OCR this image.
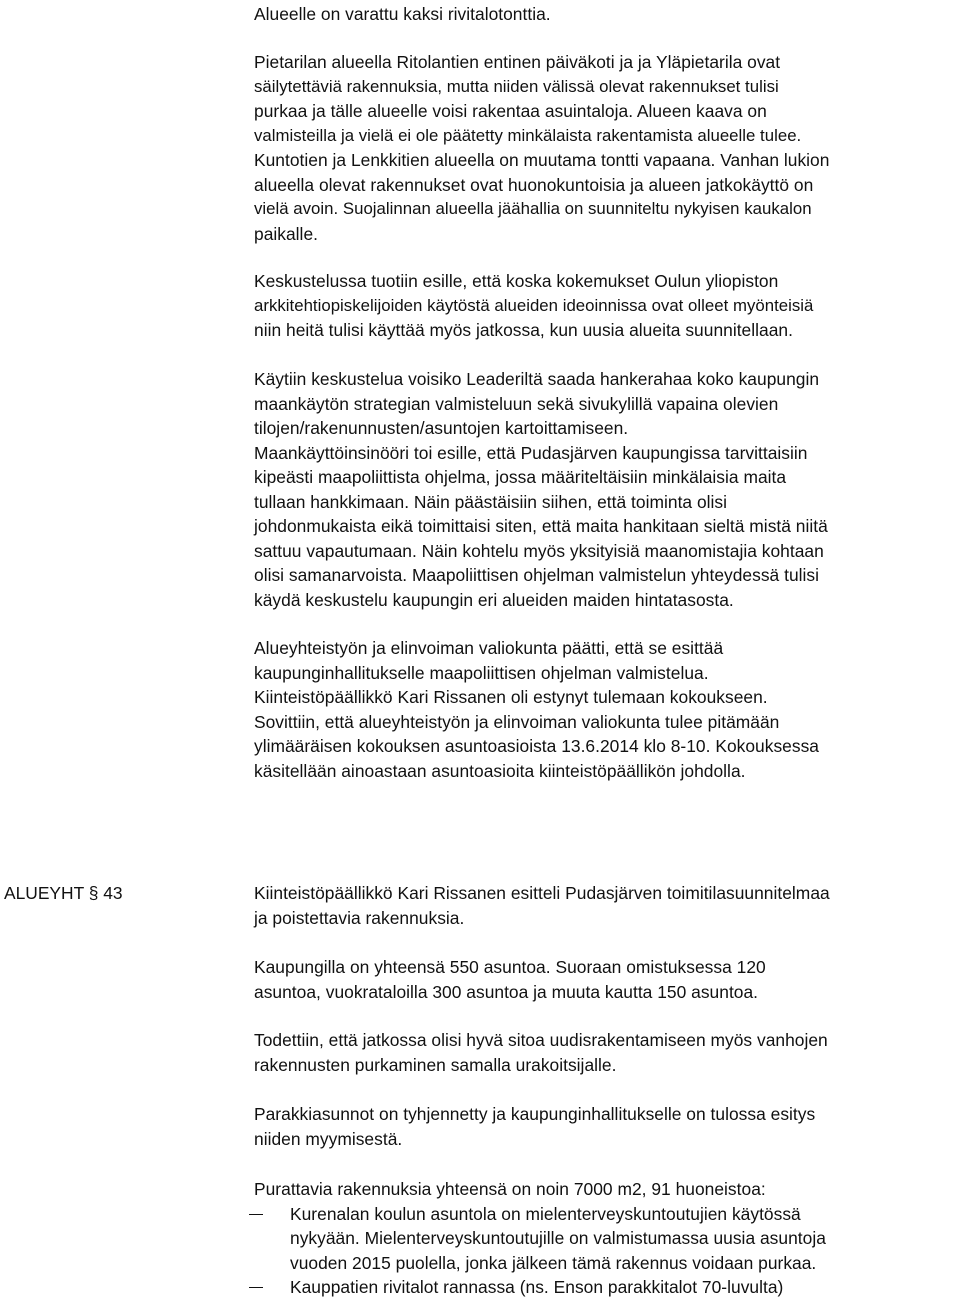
Alueelle on varattu kaksi rivitalotonttia.
Pietarilan alueella Ritolantien entinen päiväkoti ja ja Yläpietarila ovat
säilytettäviä rakennuksia, mutta niiden välissä olevat rakennukset tulisi
purkaa ja tälle alueelle voisi rakentaa asuintaloja. Alueen kaava on
valmisteilla ja vielä ei ole päätetty minkälaista rakentamista alueelle tulee.
Kuntotien ja Lenkkitien alueella on muutama tontti vapaana. Vanhan lukion
alueella olevat rakennukset ovat huonokuntoisia ja alueen jatkokäyttö on
vielä avoin. Suojalinnan alueella jäähallia on suunniteltu nykyisen kaukalon
paikalle.
Keskustelussa tuotiin esille, että koska kokemukset Oulun yliopiston
arkkitehtiopiskelijoiden käytöstä alueiden ideoinnissa ovat olleet myönteisiä
niin heitä tulisi käyttää myös jatkossa, kun uusia alueita suunnitellaan.
Käytiin keskustelua voisiko Leaderiltä saada hankerahaa koko kaupungin
maankäytön strategian valmisteluun sekä sivukylillä vapaina olevien
tilojen/rakenunnusten/asuntojen kartoittamiseen.
Maankäyttöinsinööri toi esille, että Pudasjärven kaupungissa tarvittaisiin
kipeästi maapoliittista ohjelma, jossa määriteltäisiin minkälaisia maita
tullaan hankkimaan. Näin päästäisiin siihen, että toiminta olisi
johdonmukaista eikä toimittaisi siten, että maita hankitaan sieltä mistä niitä
sattuu vapautumaan. Näin kohtelu myös yksityisiä maanomistajia kohtaan
olisi samanarvoista. Maapoliittisen ohjelman valmistelun yhteydessä tulisi
käydä keskustelu kaupungin eri alueiden maiden hintatasosta.
Alueyhteistyön ja elinvoiman valiokunta päätti, että se esittää
kaupunginhallitukselle maapoliittisen ohjelman valmistelua.
Kiinteistöpäällikkö Kari Rissanen oli estynyt tulemaan kokoukseen.
Sovittiin, että alueyhteistyön ja elinvoiman valiokunta tulee pitämään
ylimääräisen kokouksen asuntoasioista 13.6.2014 klo 8-10. Kokouksessa
käsitellään ainoastaan asuntoasioita kiinteistöpäällikön johdolla.
ALUEYHT § 43	Kiinteistöpäällikkö Kari Rissanen esitteli Pudasjärven toimitilasuunnitelmaa
ja poistettavia rakennuksia.
Kaupungilla on yhteensä 550 asuntoa. Suoraan omistuksessa 120
asuntoa, vuokrataloilla 300 asuntoa ja muuta kautta 150 asuntoa.
Todettiin, että jatkossa olisi hyvä sitoa uudisrakentamiseen myös vanhojen
rakennusten purkaminen samalla urakoitsijalle.
Parakkiasunnot on tyhjennetty ja kaupunginhallitukselle on tulossa esitys
niiden myymisestä.
Purattavia rakennuksia yhteensä on noin 7000 m2, 91 huoneistoa:
Kurenalan koulun asuntola on mielenterveyskuntoutujien käytössä
nykyään. Mielenterveyskuntoutujille on valmistumassa uusia asuntoja
vuoden 2015 puolella, jonka jälkeen tämä rakennus voidaan purkaa.
Kauppatien rivitalot rannassa (ns. Enson parakkitalot 70-luvulta)
